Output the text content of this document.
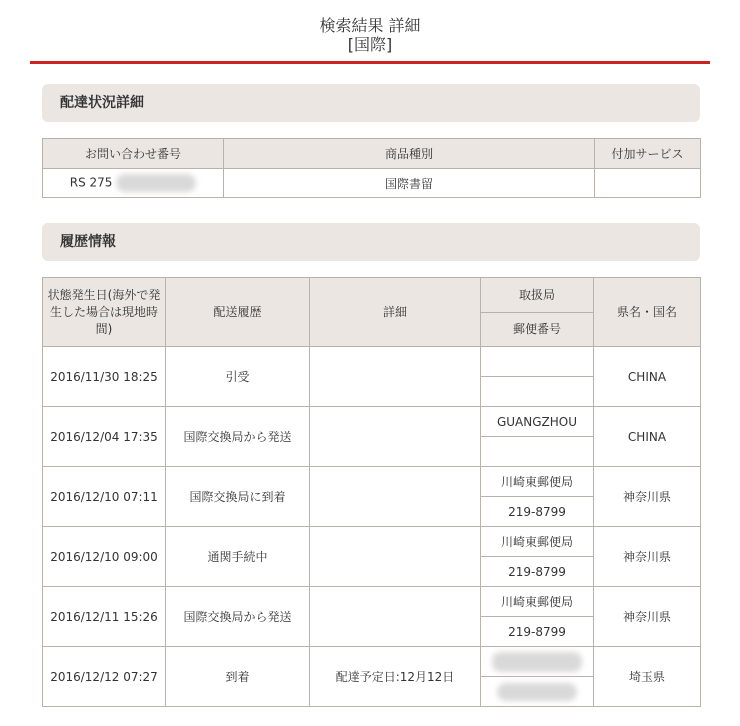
検索結果 詳細
[国際]
配達状況詳細
お問い合わせ番号	商品種別	付加サービス
RS 275	国際書留	
履歴情報
状態発生日(海外で発生した場合は現地時間)	配送履歴	詳細	取扱局	県名・国名
			郵便番号	
2016/11/30 18:25	引受			CHINA

2016/12/04 17:35	国際交換局から発送		GUANGZHOU	CHINA

2016/12/10 07:11	国際交換局に到着		川崎東郵便局	神奈川県
			219-8799	
2016/12/10 09:00	通関手続中		川崎東郵便局	神奈川県
			219-8799	
2016/12/11 15:26	国際交換局から発送		川崎東郵便局	神奈川県
			219-8799	
2016/12/12 07:27	到着	配達予定日:12月12日		埼玉県
